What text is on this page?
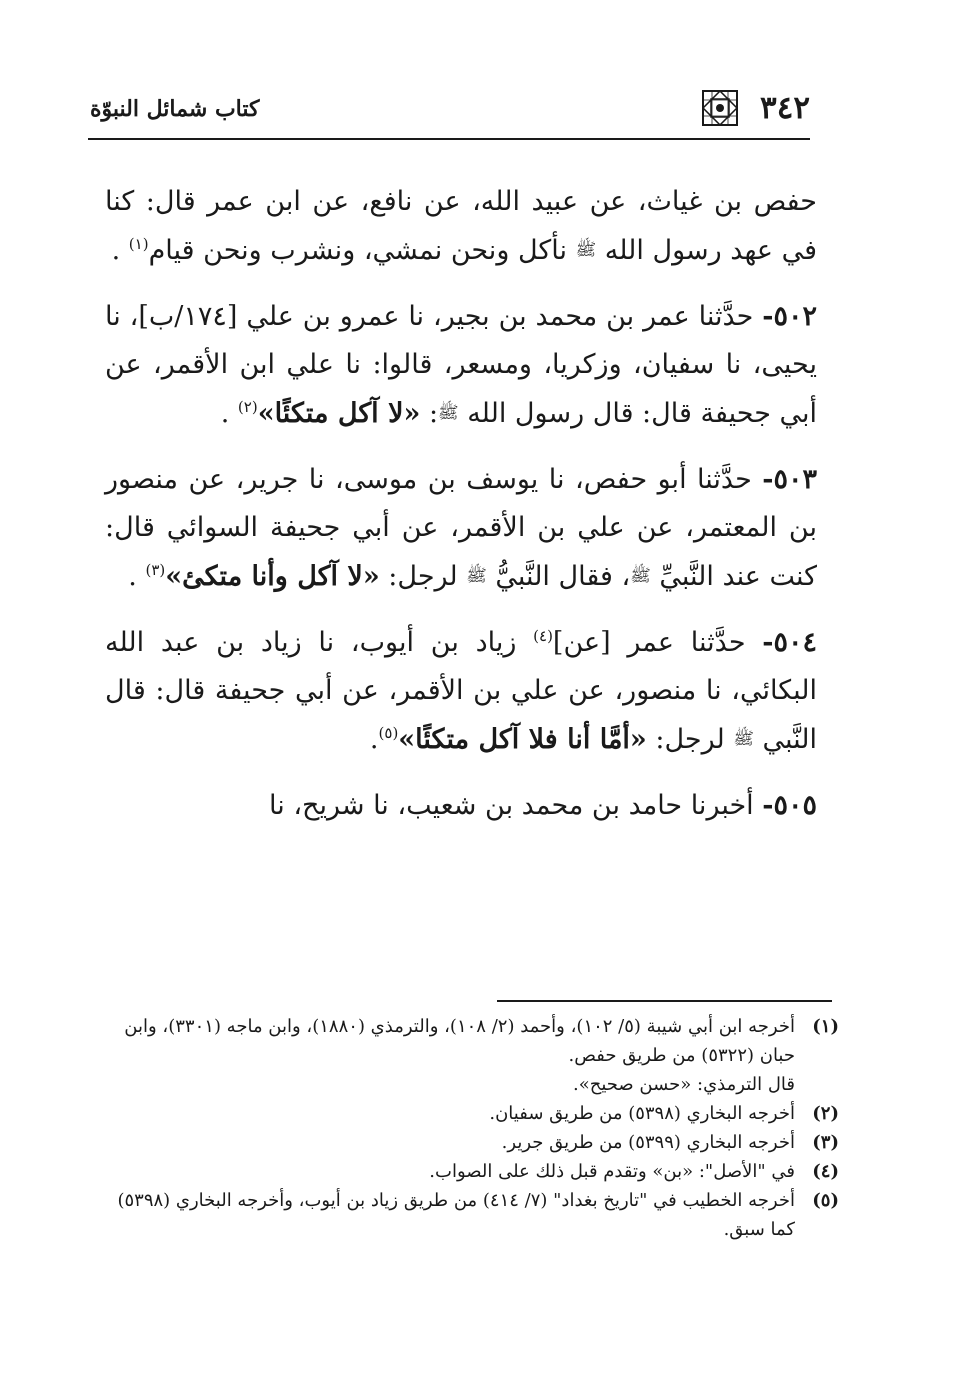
٣٤٢
كتاب شمائل النبوّة

حفص بن غياث، عن عبيد الله، عن نافع، عن ابن عمر قال: كنا في عهد رسول الله ﷺ نأكل ونحن نمشي، ونشرب ونحن قيام$^{(١)}$ .

٥٠٢- حدَّثنا عمر بن محمد بن بجير، نا عمرو بن علي [١٧٤/ب]، نا يحيى، نا سفيان، وزكريا، ومسعر، قالوا: نا علي ابن الأقمر، عن أبي جحيفة قال: قال رسول الله ﷺ: «لا آكل متكئًا»$^{(٢)}$ .

٥٠٣- حدَّثنا أبو حفص، نا يوسف بن موسى، نا جرير، عن منصور بن المعتمر، عن علي بن الأقمر، عن أبي جحيفة السوائي قال: كنت عند النَّبيِّ ﷺ، فقال النَّبيُّ ﷺ لرجل: «لا آكل وأنا متكئ»$^{(٣)}$ .

٥٠٤- حدَّثنا عمر [عن]$^{(٤)}$ زياد بن أيوب، نا زياد بن عبد الله البكائي، نا منصور، عن علي بن الأقمر، عن أبي جحيفة قال: قال النَّبي ﷺ لرجل: «أمَّا أنا فلا آكل متكئًا»$^{(٥)}$.

٥٠٥- أخبرنا حامد بن محمد بن شعيب، نا شريح، نا

(١)
أخرجه ابن أبي شيبة (٥/ ١٠٢)، وأحمد (٢/ ١٠٨)، والترمذي (١٨٨٠)، وابن ماجه (٣٣٠١)، وابن حبان (٥٣٢٢) من طريق حفص.
قال الترمذي: «حسن صحيح».
(٢)
أخرجه البخاري (٥٣٩٨) من طريق سفيان.
(٣)
أخرجه البخاري (٥٣٩٩) من طريق جرير.
(٤)
في "الأصل": «بن» وتقدم قبل ذلك على الصواب.
(٥)
أخرجه الخطيب في "تاريخ بغداد" (٧/ ٤١٤) من طريق زياد بن أيوب، وأخرجه البخاري (٥٣٩٨) كما سبق.
